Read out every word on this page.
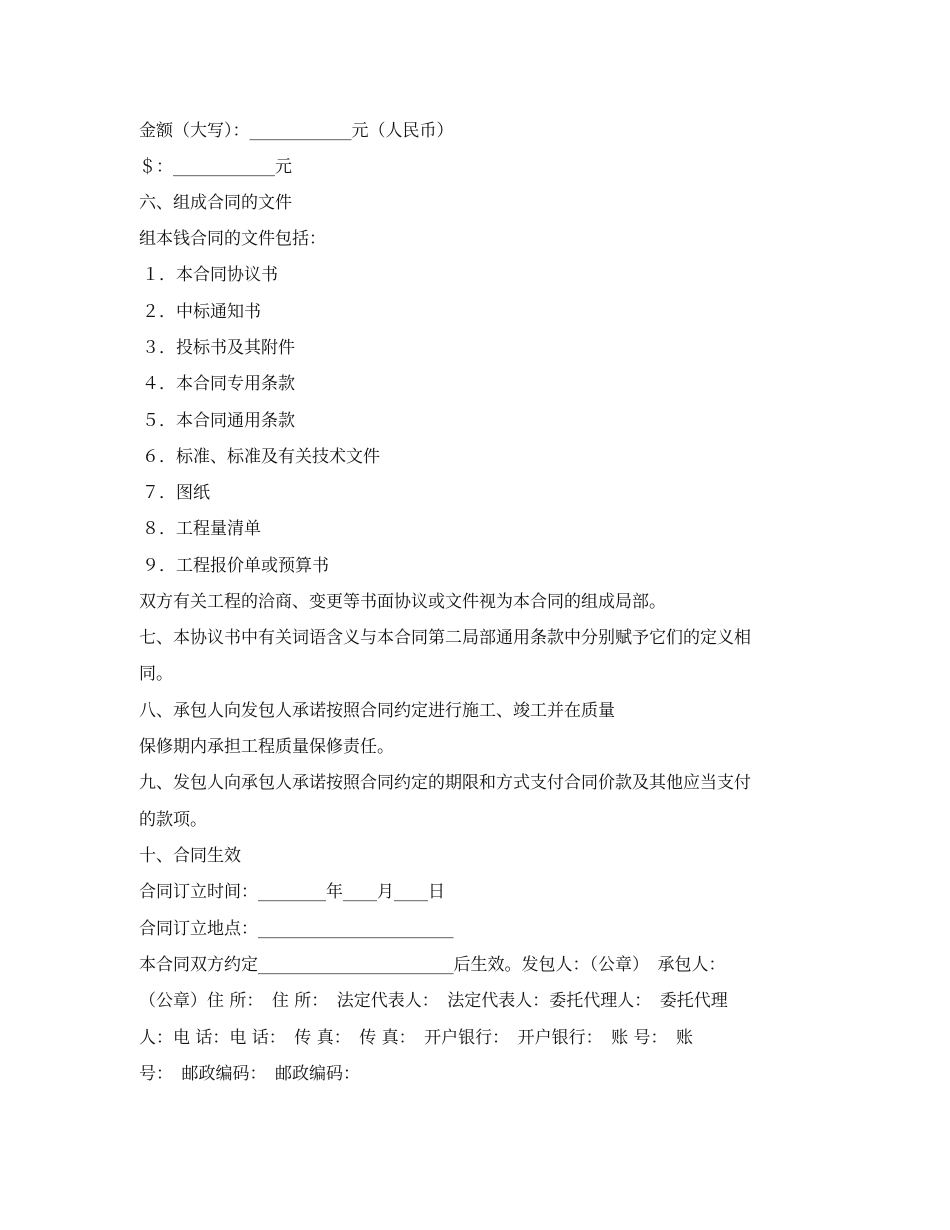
金额（大写）：____________元（人民币）
＄：____________元
六、组成合同的文件
组本钱合同的文件包括：
１．本合同协议书
２．中标通知书
３．投标书及其附件
４．本合同专用条款
５．本合同通用条款
６．标准、标准及有关技术文件
７．图纸
８．工程量清单
９．工程报价单或预算书
双方有关工程的洽商、变更等书面协议或文件视为本合同的组成局部。
七、本协议书中有关词语含义与本合同第二局部通用条款中分别赋予它们的定义相
同。
八、承包人向发包人承诺按照合同约定进行施工、竣工并在质量
保修期内承担工程质量保修责任。
九、发包人向承包人承诺按照合同约定的期限和方式支付合同价款及其他应当支付
的款项。
十、合同生效
合同订立时间：________年____月____日
合同订立地点：_______________________
本合同双方约定_______________________后生效。发包人：（公章）　承包人：
（公章）住 所：　住 所：　法定代表人：　法定代表人：委托代理人：　委托代理
人：电 话：电 话：　传 真：　传 真：　开户银行：　开户银行：　账 号：　账
号：　邮政编码：　邮政编码：
